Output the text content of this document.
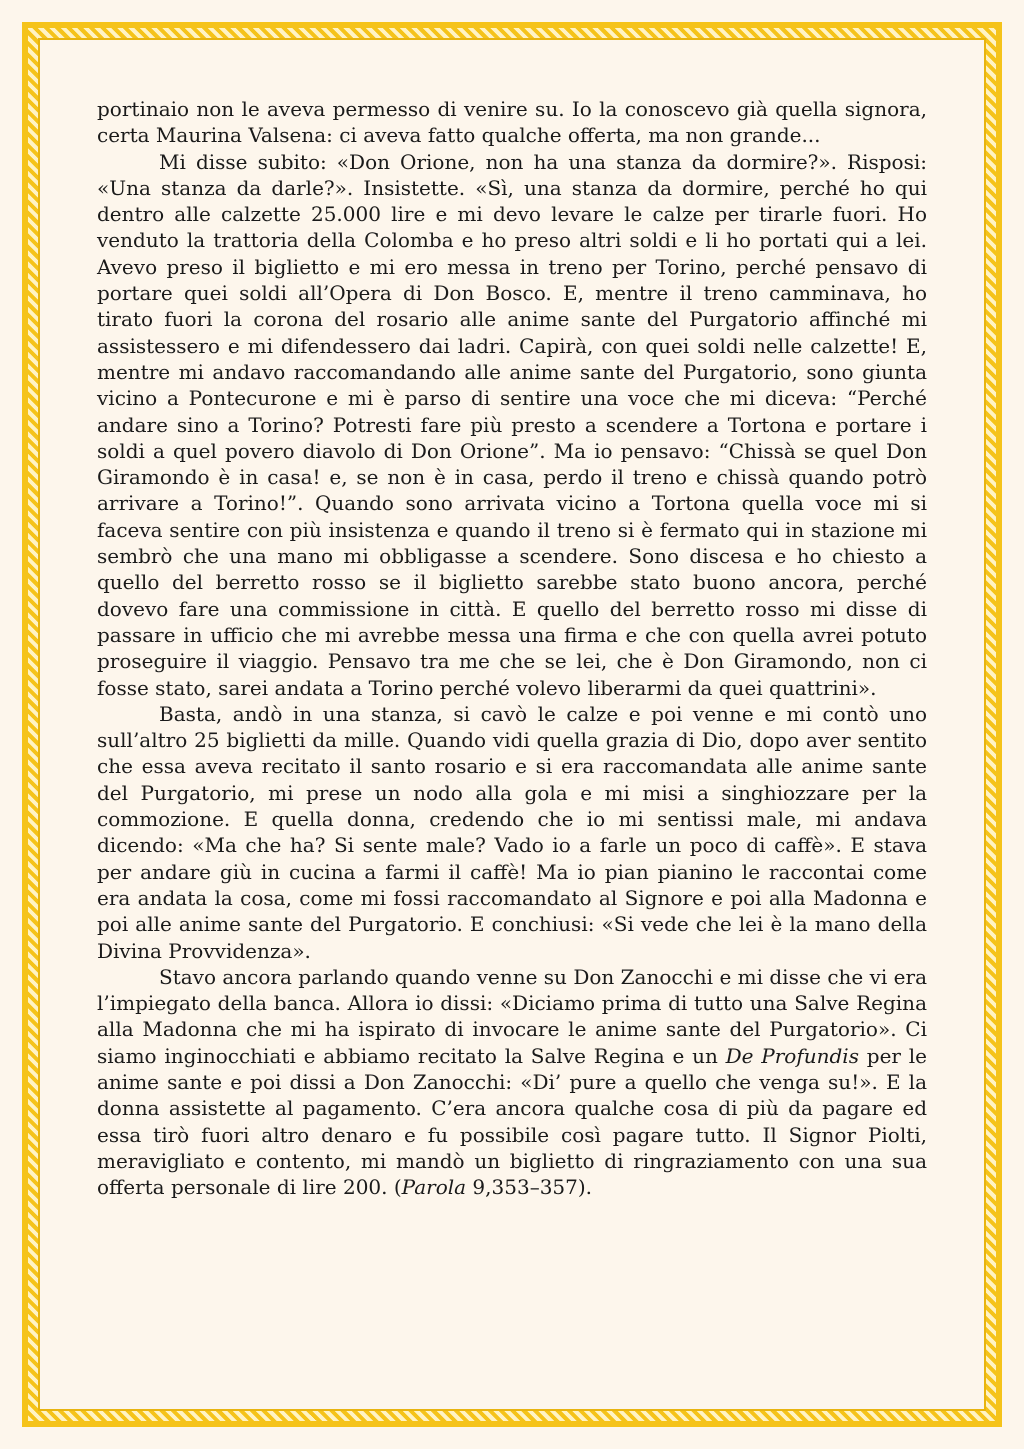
portinaio non le aveva permesso di venire su. Io la conoscevo già quella signora, certa Maurina Valsena: ci aveva fatto qualche offerta, ma non grande...

Mi disse subito: «Don Orione, non ha una stanza da dormire?». Risposi: «Una stanza da darle?». Insistette. «Sì, una stanza da dormire, perché ho qui dentro alle calzette 25.000 lire e mi devo levare le calze per tirarle fuori. Ho venduto la trattoria della Colomba e ho preso altri soldi e li ho portati qui a lei. Avevo preso il biglietto e mi ero messa in treno per Torino, perché pensavo di portare quei soldi all’Opera di Don Bosco. E, mentre il treno camminava, ho tirato fuori la corona del rosario alle anime sante del Purgatorio affinché mi assistessero e mi difendessero dai ladri. Capirà, con quei soldi nelle calzette! E, mentre mi andavo raccomandando alle anime sante del Purgatorio, sono giunta vicino a Pontecurone e mi è parso di sentire una voce che mi diceva: “Perché andare sino a Torino? Potresti fare più presto a scendere a Tortona e portare i soldi a quel povero diavolo di Don Orione”. Ma io pensavo: “Chissà se quel Don Giramondo è in casa! e, se non è in casa, perdo il treno e chissà quando potrò arrivare a Torino!”. Quando sono arrivata vicino a Tortona quella voce mi si faceva sentire con più insistenza e quando il treno si è fermato qui in stazione mi sembrò che una mano mi obbligasse a scendere. Sono discesa e ho chiesto a quello del berretto rosso se il biglietto sarebbe stato buono ancora, perché dovevo fare una commissione in città. E quello del berretto rosso mi disse di passare in ufficio che mi avrebbe messa una firma e che con quella avrei potuto proseguire il viaggio. Pensavo tra me che se lei, che è Don Giramondo, non ci fosse stato, sarei andata a Torino perché volevo liberarmi da quei quattrini».

Basta, andò in una stanza, si cavò le calze e poi venne e mi contò uno sull’altro 25 biglietti da mille. Quando vidi quella grazia di Dio, dopo aver sentito che essa aveva recitato il santo rosario e si era raccomandata alle anime sante del Purgatorio, mi prese un nodo alla gola e mi misi a singhiozzare per la commozione. E quella donna, credendo che io mi sentissi male, mi andava dicendo: «Ma che ha? Si sente male? Vado io a farle un poco di caffè». E stava per andare giù in cucina a farmi il caffè! Ma io pian pianino le raccontai come era andata la cosa, come mi fossi raccomandato al Signore e poi alla Madonna e poi alle anime sante del Purgatorio. E conchiusi: «Si vede che lei è la mano della Divina Provvidenza».

Stavo ancora parlando quando venne su Don Zanocchi e mi disse che vi era l’impiegato della banca. Allora io dissi: «Diciamo prima di tutto una Salve Regina alla Madonna che mi ha ispirato di invocare le anime sante del Purgatorio». Ci siamo inginocchiati e abbiamo recitato la Salve Regina e un De Profundis per le anime sante e poi dissi a Don Zanocchi: «Di’ pure a quello che venga su!». E la donna assistette al pagamento. C’era ancora qualche cosa di più da pagare ed essa tirò fuori altro denaro e fu possibile così pagare tutto. Il Signor Piolti, meravigliato e contento, mi mandò un biglietto di ringraziamento con una sua offerta personale di lire 200. (Parola 9,353–357).
